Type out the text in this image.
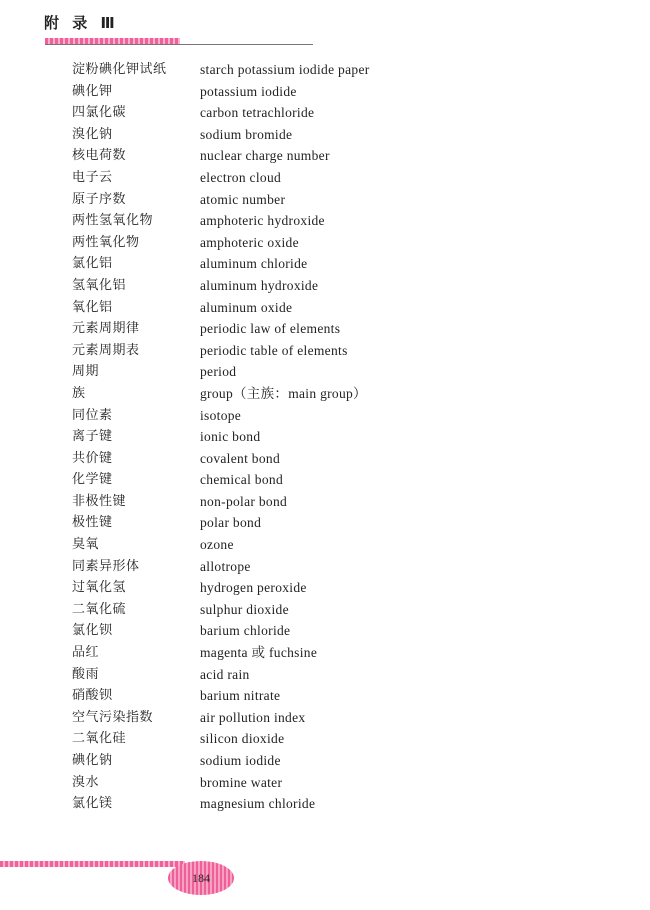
附 录 Ⅲ
淀粉碘化钾试纸	starch potassium iodide paper
碘化钾	potassium iodide
四氯化碳	carbon tetrachloride
溴化钠	sodium bromide
核电荷数	nuclear charge number
电子云	electron cloud
原子序数	atomic number
两性氢氧化物	amphoteric hydroxide
两性氧化物	amphoteric oxide
氯化铝	aluminum chloride
氢氧化铝	aluminum hydroxide
氧化铝	aluminum oxide
元素周期律	periodic law of elements
元素周期表	periodic table of elements
周期	period
族	group（主族：main group）
同位素	isotope
离子键	ionic bond
共价键	covalent bond
化学键	chemical bond
非极性键	non-polar bond
极性键	polar bond
臭氧	ozone
同素异形体	allotrope
过氧化氢	hydrogen peroxide
二氧化硫	sulphur dioxide
氯化钡	barium chloride
品红	magenta 或 fuchsine
酸雨	acid rain
硝酸钡	barium nitrate
空气污染指数	air pollution index
二氧化硅	silicon dioxide
碘化钠	sodium iodide
溴水	bromine water
氯化镁	magnesium chloride
184
